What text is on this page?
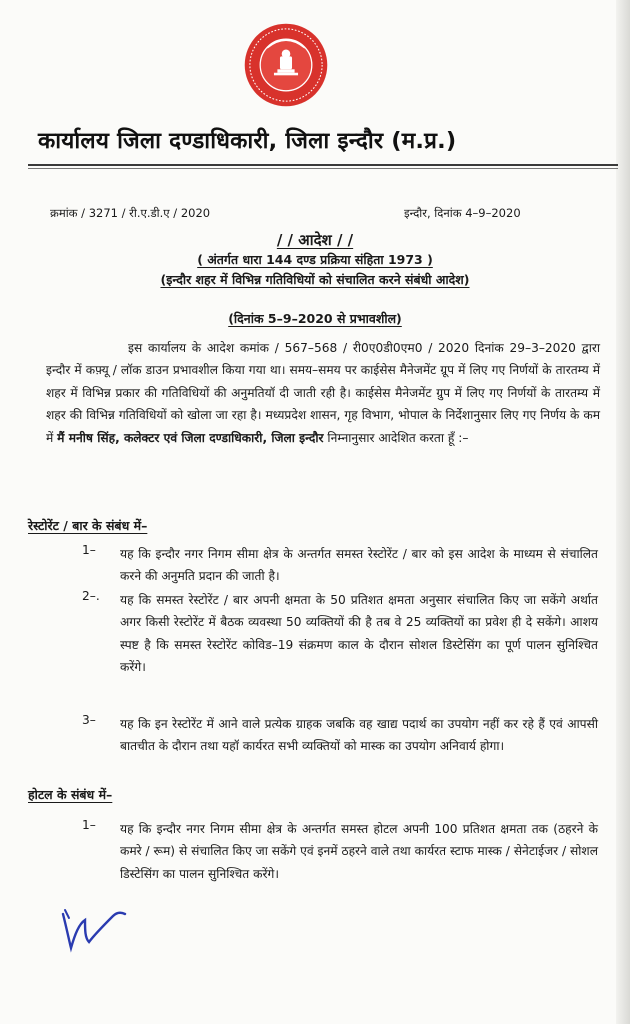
कार्यालय जिला दण्डाधिकारी, जिला इन्दौर (म.प्र.)
क्रमांक / 3271 / री.ए.डी.ए / 2020	इन्दौर, दिनांक 4–9–2020
/ / आदेश / /
( अंतर्गत धारा 144 दण्ड प्रक्रिया संहिता 1973 )
(इन्दौर शहर में विभिन्न गतिविधियों को संचालित करने संबंधी आदेश)
(दिनांक 5–9–2020 से प्रभावशील)
इस कार्यालय के आदेश कमांक / 567–568 / री0ए0डी0एम0 / 2020 दिनांक 29–3–2020 द्वारा इन्दौर में कफ़्यू / लॉक डाउन प्रभावशील किया गया था। समय–समय पर काईसेस मैनेजमेंट ग्रूप में लिए गए निर्णयों के तारतम्य में शहर में विभिन्न प्रकार की गतिविधियों की अनुमतियॉ दी जाती रही है। काईसेस मैनेजमेंट ग्रुप में लिए गए निर्णयों के तारतम्य में शहर की विभिन्न गतिविधियों को खोला जा रहा है। मध्यप्रदेश शासन, गृह विभाग, भोपाल के निर्देशानुसार लिए गए निर्णय के कम में मैं मनीष सिंह, कलेक्टर एवं जिला दण्डाधिकारी, जिला इन्दौर निम्नानुसार आदेशित करता हूँ :–
रेस्टोरेंट / बार के संबंध में–
1– यह कि इन्दौर नगर निगम सीमा क्षेत्र के अन्तर्गत समस्त रेस्टोरेंट / बार को इस आदेश के माध्यम से संचालित करने की अनुमति प्रदान की जाती है।
2–. यह कि समस्त रेस्टोरेंट / बार अपनी क्षमता के 50 प्रतिशत क्षमता अनुसार संचालित किए जा सकेंगे अर्थात अगर किसी रेस्टोरेंट में बैठक व्यवस्था 50 व्यक्तियों की है तब वे 25 व्यक्तियों का प्रवेश ही दे सकेंगे। आशय स्पष्ट है कि समस्त रेस्टोरेंट कोविड–19 संक्रमण काल के दौरान सोशल डिस्टेसिंग का पूर्ण पालन सुनिश्चित करेंगे।
3– यह कि इन रेस्टोरेंट में आने वाले प्रत्येक ग्राहक जबकि वह खाद्य पदार्थ का उपयोग नहीं कर रहे हैं एवं आपसी बातचीत के दौरान तथा यहॉ कार्यरत सभी व्यक्तियों को मास्क का उपयोग अनिवार्य होगा।
होटल के संबंध में–
1– यह कि इन्दौर नगर निगम सीमा क्षेत्र के अन्तर्गत समस्त होटल अपनी 100 प्रतिशत क्षमता तक (ठहरने के कमरे / रूम) से संचालित किए जा सकेंगे एवं इनमें ठहरने वाले तथा कार्यरत स्टाफ मास्क / सेनेटाईजर / सोशल डिस्टेसिंग का पालन सुनिश्चित करेंगे।
